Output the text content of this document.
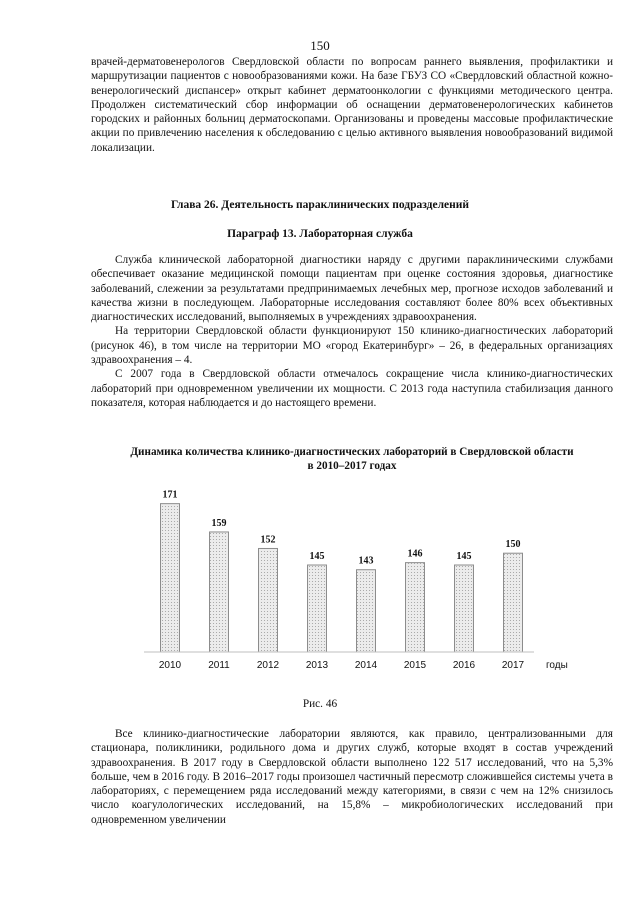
150

врачей-дерматовенерологов Свердловской области по вопросам раннего выявления, профилактики и маршрутизации пациентов с новообразованиями кожи. На базе ГБУЗ СО «Свердловский областной кожно-венерологический диспансер» открыт кабинет дерматоонкологии с функциями методического центра. Продолжен систематический сбор информации об оснащении дерматовенерологических кабинетов городских и районных больниц дерматоскопами. Организованы и проведены массовые профилактические акции по привлечению населения к обследованию с целью активного выявления новообразований видимой локализации.

Глава 26. Деятельность параклинических подразделений
Параграф 13. Лабораторная служба

Служба клинической лабораторной диагностики наряду с другими параклиническими службами обеспечивает оказание медицинской помощи пациентам при оценке состояния здоровья, диагностике заболеваний, слежении за результатами предпринимаемых лечебных мер, прогнозе исходов заболеваний и качества жизни в последующем. Лабораторные исследования составляют более 80% всех объективных диагностических исследований, выполняемых в учреждениях здравоохранения.

На территории Свердловской области функционируют 150 клинико-диагностических лабораторий (рисунок 46), в том числе на территории МО «город Екатеринбург» – 26, в федеральных организациях здравоохранения – 4.

С 2007 года в Свердловской области отмечалось сокращение числа клинико-диагностических лабораторий при одновременном увеличении их мощности. С 2013 года наступила стабилизация данного показателя, которая наблюдается и до настоящего времени.

Динамика количества клинико-диагностических лабораторий в Свердловской области
в 2010–2017 годах
171
2010
159
2011
152
2012
145
2013
143
2014
146
2015
145
2016
150
2017 годы
Рис. 46

Все клинико-диагностические лаборатории являются, как правило, централизованными для стационара, поликлиники, родильного дома и других служб, которые входят в состав учреждений здравоохранения. В 2017 году в Свердловской области выполнено 122 517 исследований, что на 5,3% больше, чем в 2016 году. В 2016–2017 годы произошел частичный пересмотр сложившейся системы учета в лабораториях, с перемещением ряда исследований между категориями, в связи с чем на 12% снизилось число коагулологических исследований, на 15,8% – микробиологических исследований при одновременном увеличении
